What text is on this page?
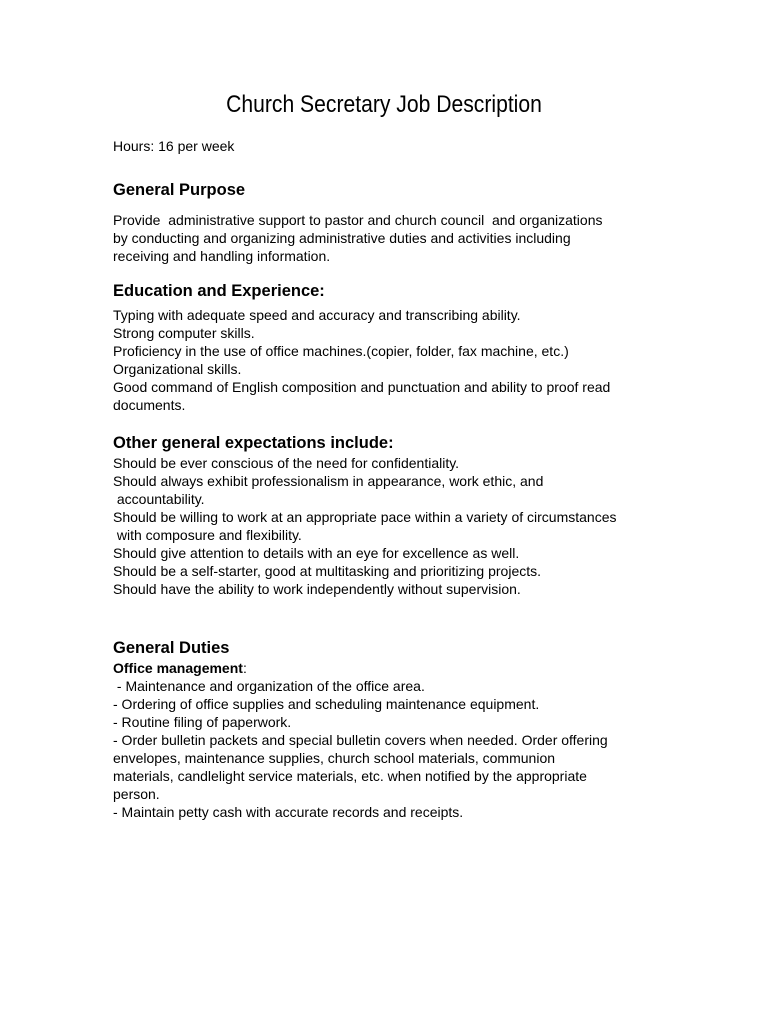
Church Secretary Job Description

Hours: 16 per week

General Purpose

Provide  administrative support to pastor and church council  and organizations

by conducting and organizing administrative duties and activities including

receiving and handling information.

Education and Experience:

Typing with adequate speed and accuracy and transcribing ability.

Strong computer skills.

Proficiency in the use of office machines.(copier, folder, fax machine, etc.)

Organizational skills.

Good command of English composition and punctuation and ability to proof read

documents.

Other general expectations include:

Should be ever conscious of the need for confidentiality.

Should always exhibit professionalism in appearance, work ethic, and

accountability.

Should be willing to work at an appropriate pace within a variety of circumstances

with composure and flexibility.

Should give attention to details with an eye for excellence as well.

Should be a self-starter, good at multitasking and prioritizing projects.

Should have the ability to work independently without supervision.

General Duties

Office management:

- Maintenance and organization of the office area.

- Ordering of office supplies and scheduling maintenance equipment.

- Routine filing of paperwork.

- Order bulletin packets and special bulletin covers when needed. Order offering

envelopes, maintenance supplies, church school materials, communion

materials, candlelight service materials, etc. when notified by the appropriate

person.

- Maintain petty cash with accurate records and receipts.
